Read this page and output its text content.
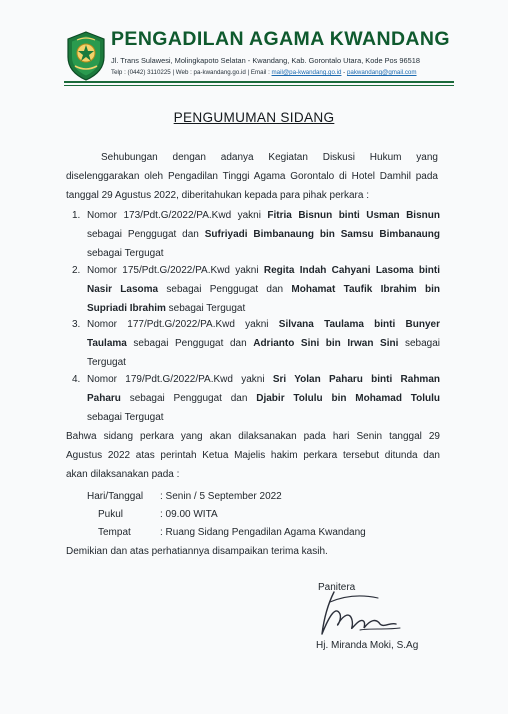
PENGADILAN AGAMA KWANDANG
Jl. Trans Sulawesi, Molingkapoto Selatan - Kwandang, Kab. Gorontalo Utara, Kode Pos 96518
Telp : (0442) 3110225 | Web : pa-kwandang.go.id | Email : mail@pa-kwandang.go.id - pakwandang@gmail.com
PENGUMUMAN SIDANG
Sehubungan dengan adanya Kegiatan Diskusi Hukum yang
diselenggarakan oleh Pengadilan Tinggi Agama Gorontalo di Hotel Damhil pada
tanggal 29 Agustus 2022, diberitahukan kepada para pihak perkara :
1. Nomor 173/Pdt.G/2022/PA.Kwd yakni Fitria Bisnun binti Usman Bisnun
sebagai Penggugat dan Sufriyadi Bimbanaung bin Samsu Bimbanaung
sebagai Tergugat
2. Nomor 175/Pdt.G/2022/PA.Kwd yakni Regita Indah Cahyani Lasoma binti
Nasir Lasoma sebagai Penggugat dan Mohamat Taufik Ibrahim bin
Supriadi Ibrahim sebagai Tergugat
3. Nomor 177/Pdt.G/2022/PA.Kwd yakni Silvana Taulama binti Bunyer
Taulama sebagai Penggugat dan Adrianto Sini bin Irwan Sini sebagai
Tergugat
4. Nomor 179/Pdt.G/2022/PA.Kwd yakni Sri Yolan Paharu binti Rahman
Paharu sebagai Penggugat dan Djabir Tolulu bin Mohamad Tolulu
sebagai Tergugat
Bahwa sidang perkara yang akan dilaksanakan pada hari Senin tanggal 29
Agustus 2022 atas perintah Ketua Majelis hakim perkara tersebut ditunda dan
akan dilaksanakan pada :
Hari/Tanggal : Senin / 5 September 2022
Pukul	: 09.00 WITA
Tempat	: Ruang Sidang Pengadilan Agama Kwandang
Demikian dan atas perhatiannya disampaikan terima kasih.
Panitera
Hj. Miranda Moki, S.Ag
